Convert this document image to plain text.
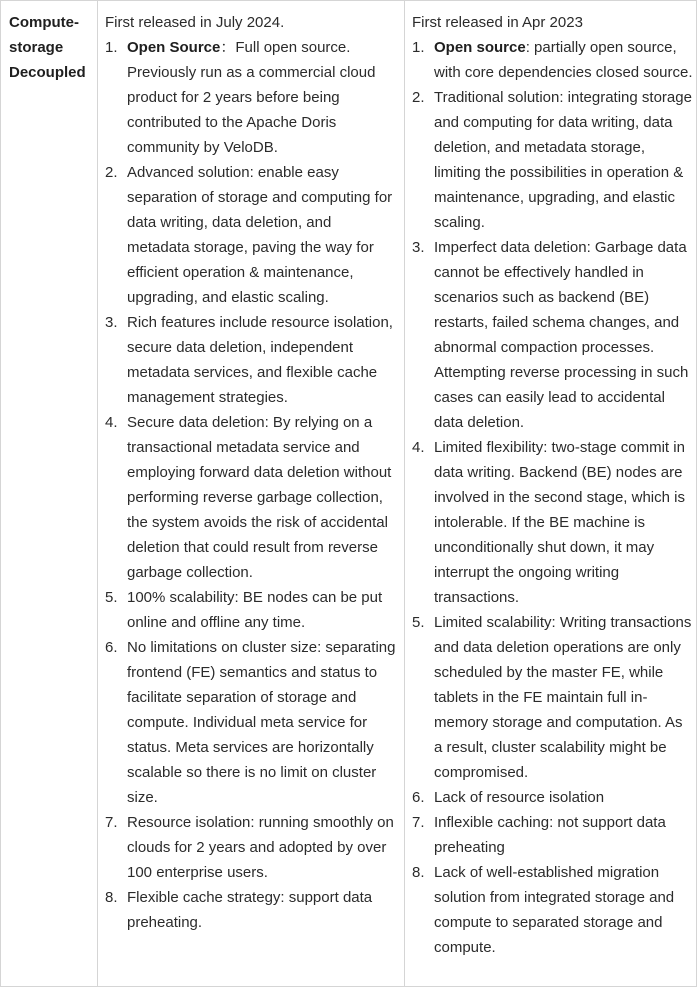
Compute-storage Decoupled
First released in July 2024.
1. Open Source：Full open source. Previously run as a commercial cloud product for 2 years before being contributed to the Apache Doris community by VeloDB.
2. Advanced solution: enable easy separation of storage and computing for data writing, data deletion, and metadata storage, paving the way for efficient operation & maintenance, upgrading, and elastic scaling.
3. Rich features include resource isolation, secure data deletion, independent metadata services, and flexible cache management strategies.
4. Secure data deletion: By relying on a transactional metadata service and employing forward data deletion without performing reverse garbage collection, the system avoids the risk of accidental deletion that could result from reverse garbage collection.
5. 100% scalability: BE nodes can be put online and offline any time.
6. No limitations on cluster size: separating frontend (FE) semantics and status to facilitate separation of storage and compute. Individual meta service for status. Meta services are horizontally scalable so there is no limit on cluster size.
7. Resource isolation: running smoothly on clouds for 2 years and adopted by over 100 enterprise users.
8. Flexible cache strategy: support data preheating.
First released in Apr 2023
1. Open source: partially open source, with core dependencies closed source.
2. Traditional solution: integrating storage and computing for data writing, data deletion, and metadata storage, limiting the possibilities in operation & maintenance, upgrading, and elastic scaling.
3. Imperfect data deletion: Garbage data cannot be effectively handled in scenarios such as backend (BE) restarts, failed schema changes, and abnormal compaction processes. Attempting reverse processing in such cases can easily lead to accidental data deletion.
4. Limited flexibility: two-stage commit in data writing. Backend (BE) nodes are involved in the second stage, which is intolerable. If the BE machine is unconditionally shut down, it may interrupt the ongoing writing transactions.
5. Limited scalability: Writing transactions and data deletion operations are only scheduled by the master FE, while tablets in the FE maintain full in-memory storage and computation. As a result, cluster scalability might be compromised.
6. Lack of resource isolation
7. Inflexible caching: not support data preheating
8. Lack of well-established migration solution from integrated storage and compute to separated storage and compute.
